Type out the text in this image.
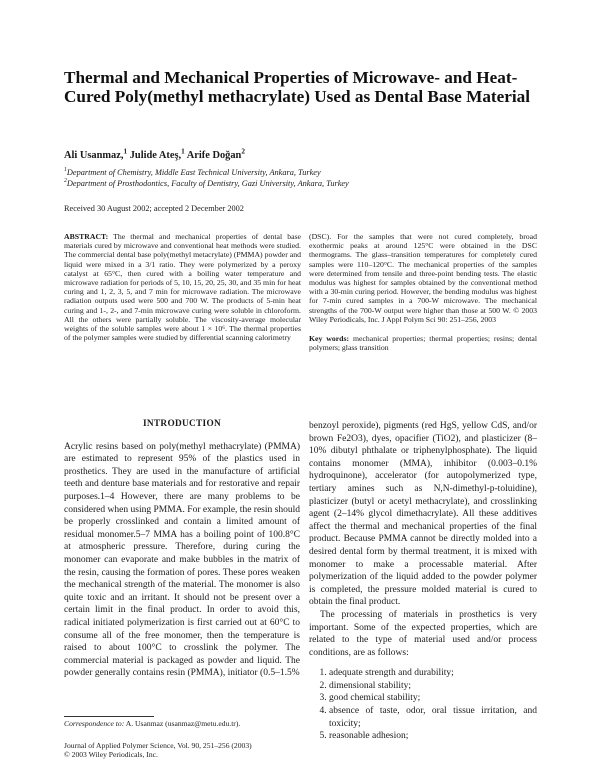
Thermal and Mechanical Properties of Microwave- and Heat-Cured Poly(methyl methacrylate) Used as Dental Base Material

Ali Usanmaz,$^1$ Julide Ateş,$^1$ Arife Doğan$^2$

$^1$Department of Chemistry, Middle East Technical University, Ankara, Turkey
$^2$Department of Prosthodontics, Faculty of Dentistry, Gazi University, Ankara, Turkey
Received 30 August 2002; accepted 2 December 2002
ABSTRACT: The thermal and mechanical properties of dental base materials cured by microwave and conventional heat methods were studied. The commercial dental base poly(methyl metacrylate) (PMMA) powder and liquid were mixed in a 3/1 ratio. They were polymerized by a peroxy catalyst at 65°C, then cured with a boiling water temperature and microwave radiation for periods of 5, 10, 15, 20, 25, 30, and 35 min for heat curing and 1, 2, 3, 5, and 7 min for microwave radiation. The microwave radiation outputs used were 500 and 700 W. The products of 5-min heat curing and 1-, 2-, and 7-min microwave curing were soluble in chloroform. All the others were partially soluble. The viscosity-average molecular weights of the soluble samples were about 1 × 10⁶. The thermal properties of the polymer samples were studied by differential scanning calorimetry
(DSC). For the samples that were not cured completely, broad exothermic peaks at around 125°C were obtained in the DSC thermograms. The glass–transition temperatures for completely cured samples were 110–120°C. The mechanical properties of the samples were determined from tensile and three-point bending tests. The elastic modulus was highest for samples obtained by the conventional method with a 30-min curing period. However, the bending modulus was highest for 7-min cured samples in a 700-W microwave. The mechanical strengths of the 700-W output were higher than those at 500 W. © 2003 Wiley Periodicals, Inc. J Appl Polym Sci 90: 251–256, 2003
Key words: mechanical properties; thermal properties; resins; dental polymers; glass transition
INTRODUCTION

Acrylic resins based on poly(methyl methacrylate) (PMMA) are estimated to represent 95% of the plastics used in prosthetics. They are used in the manufacture of artificial teeth and denture base materials and for restorative and repair purposes.1–4 However, there are many problems to be considered when using PMMA. For example, the resin should be properly crosslinked and contain a limited amount of residual monomer.5–7 MMA has a boiling point of 100.8°C at atmospheric pressure. Therefore, during curing the monomer can evaporate and make bubbles in the matrix of the resin, causing the formation of pores. These pores weaken the mechanical strength of the material. The monomer is also quite toxic and an irritant. It should not be present over a certain limit in the final product. In order to avoid this, radical initiated polymerization is first carried out at 60°C to consume all of the free monomer, then the temperature is raised to about 100°C to crosslink the polymer. The commercial material is packaged as powder and liquid. The powder generally contains resin (PMMA), initiator (0.5–1.5%

benzoyl peroxide), pigments (red HgS, yellow CdS, and/or brown Fe2O3), dyes, opacifier (TiO2), and plasticizer (8–10% dibutyl phthalate or triphenylphosphate). The liquid contains monomer (MMA), inhibitor (0.003–0.1% hydroquinone), accelerator (for autopolymerized type, tertiary amines such as N,N-dimethyl-p-toluidine), plasticizer (butyl or acetyl methacrylate), and crosslinking agent (2–14% glycol dimethacrylate). All these additives affect the thermal and mechanical properties of the final product. Because PMMA cannot be directly molded into a desired dental form by thermal treatment, it is mixed with monomer to make a processable material. After polymerization of the liquid added to the powder polymer is completed, the pressure molded material is cured to obtain the final product.

The processing of materials in prosthetics is very important. Some of the expected properties, which are related to the type of material used and/or process conditions, are as follows:

1. adequate strength and durability;
2. dimensional stability;
3. good chemical stability;
4. absence of taste, odor, oral tissue irritation, and toxicity;
5. reasonable adhesion;
Correspondence to: A. Usanmaz (usanmaz@metu.edu.tr).
Journal of Applied Polymer Science, Vol. 90, 251–256 (2003)
© 2003 Wiley Periodicals, Inc.
